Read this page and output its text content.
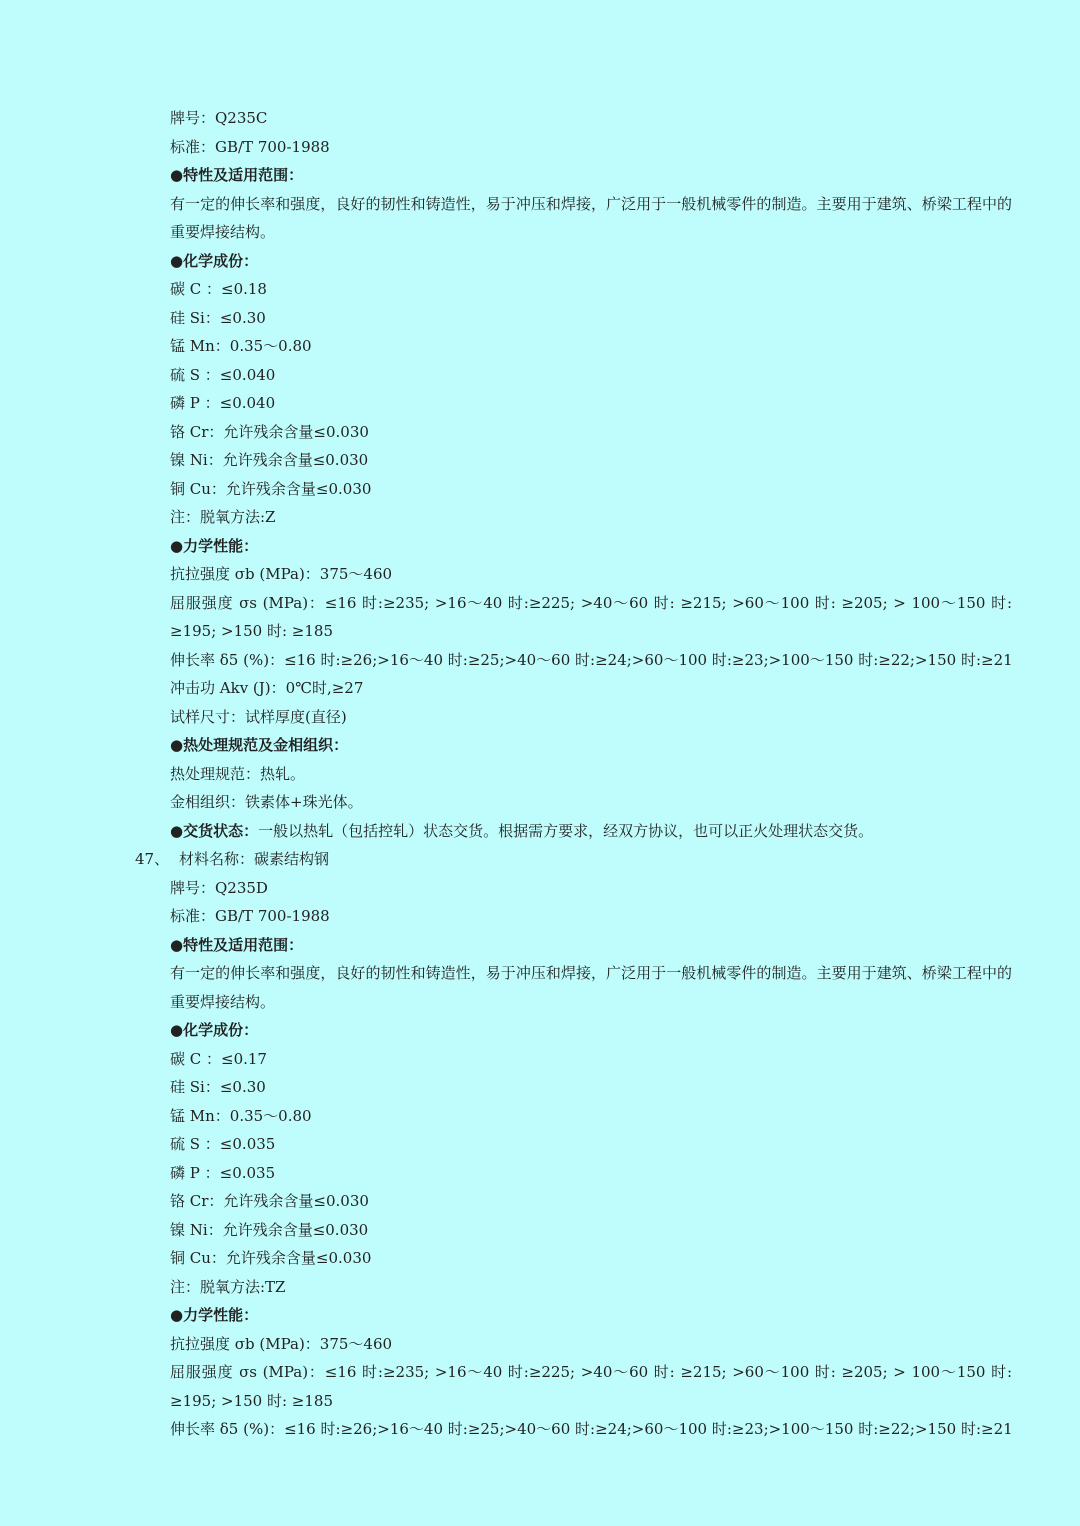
牌号：Q235C
标准：GB/T 700-1988
●特性及适用范围：
有一定的伸长率和强度，良好的韧性和铸造性，易于冲压和焊接，广泛用于一般机械零件的制造。主要用于建筑、桥梁工程中的重要焊接结构。
●化学成份：
碳 C ：≤0.18
硅 Si：≤0.30
锰 Mn：0.35～0.80
硫 S ：≤0.040
磷 P ：≤0.040
铬 Cr：允许残余含量≤0.030
镍 Ni：允许残余含量≤0.030
铜 Cu：允许残余含量≤0.030
注：脱氧方法:Z
●力学性能：
抗拉强度 σb (MPa)：375～460
屈服强度 σs (MPa)：≤16 时:≥235; >16～40 时:≥225; >40～60 时: ≥215; >60～100 时: ≥205; > 100～150 时: ≥195; >150 时: ≥185
伸长率 δ5 (%)：≤16 时:≥26;>16～40 时:≥25;>40～60 时:≥24;>60～100 时:≥23;>100～150 时:≥22;>150 时:≥21
冲击功 Akv (J)：0℃时,≥27
试样尺寸：试样厚度(直径)
●热处理规范及金相组织：
热处理规范：热轧。
金相组织：铁素体+珠光体。
●交货状态：一般以热轧（包括控轧）状态交货。根据需方要求，经双方协议，也可以正火处理状态交货。
47、 材料名称：碳素结构钢
牌号：Q235D
标准：GB/T 700-1988
●特性及适用范围：
有一定的伸长率和强度，良好的韧性和铸造性，易于冲压和焊接，广泛用于一般机械零件的制造。主要用于建筑、桥梁工程中的重要焊接结构。
●化学成份：
碳 C ：≤0.17
硅 Si：≤0.30
锰 Mn：0.35～0.80
硫 S ：≤0.035
磷 P ：≤0.035
铬 Cr：允许残余含量≤0.030
镍 Ni：允许残余含量≤0.030
铜 Cu：允许残余含量≤0.030
注：脱氧方法:TZ
●力学性能：
抗拉强度 σb (MPa)：375～460
屈服强度 σs (MPa)：≤16 时:≥235; >16～40 时:≥225; >40～60 时: ≥215; >60～100 时: ≥205; > 100～150 时: ≥195; >150 时: ≥185
伸长率 δ5 (%)：≤16 时:≥26;>16～40 时:≥25;>40～60 时:≥24;>60～100 时:≥23;>100～150 时:≥22;>150 时:≥21
